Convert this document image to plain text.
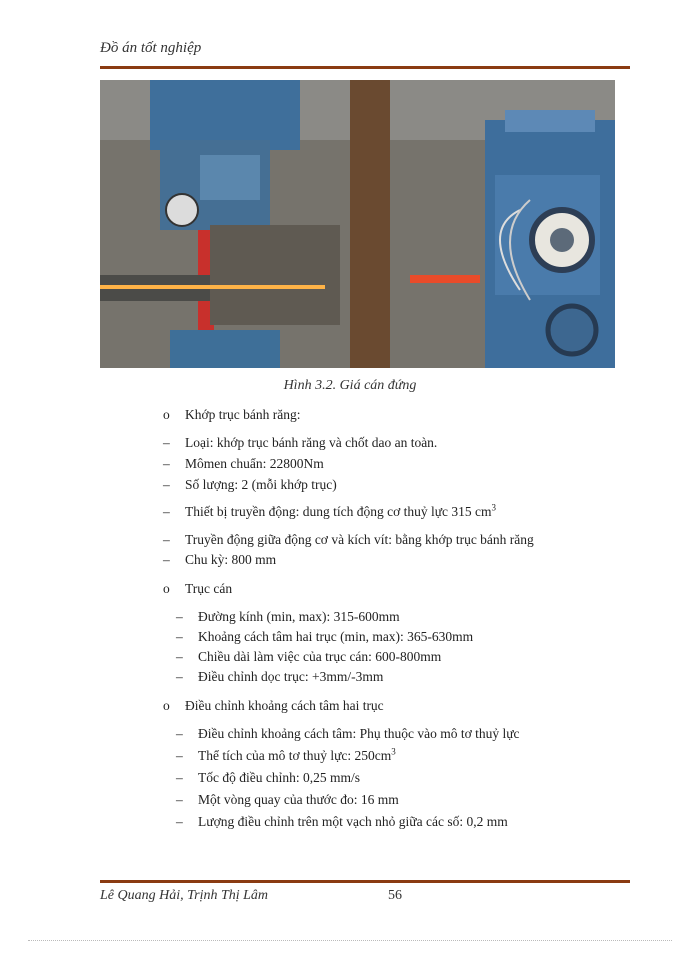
Đồ án tốt nghiệp
Hình 3.2. Giá cán đứng
o Khớp trục bánh răng:
– Loại: khớp trục bánh răng và chốt dao an toàn.
– Mômen chuẩn: 22800Nm
– Số lượng: 2 (mỗi khớp trục)
– Thiết bị truyền động: dung tích động cơ thuỷ lực 315 $cm^3$
– Truyền động giữa động cơ và kích vít: bằng khớp trục bánh răng
– Chu kỳ: 800 mm
o Trục cán
– Đường kính (min, max): 315-600mm
– Khoảng cách tâm hai trục (min, max): 365-630mm
– Chiều dài làm việc của trục cán: 600-800mm
– Điều chỉnh dọc trục: +3mm/-3mm
o Điều chỉnh khoảng cách tâm hai trục
– Điều chỉnh khoảng cách tâm: Phụ thuộc vào mô tơ thuỷ lực
– Thể tích của mô tơ thuỷ lực: $250cm^3$
– Tốc độ điều chỉnh: 0,25 mm/s
– Một vòng quay của thước đo: 16 mm
– Lượng điều chỉnh trên một vạch nhỏ giữa các số: 0,2 mm
Lê Quang Hải, Trịnh Thị Lâm	56
